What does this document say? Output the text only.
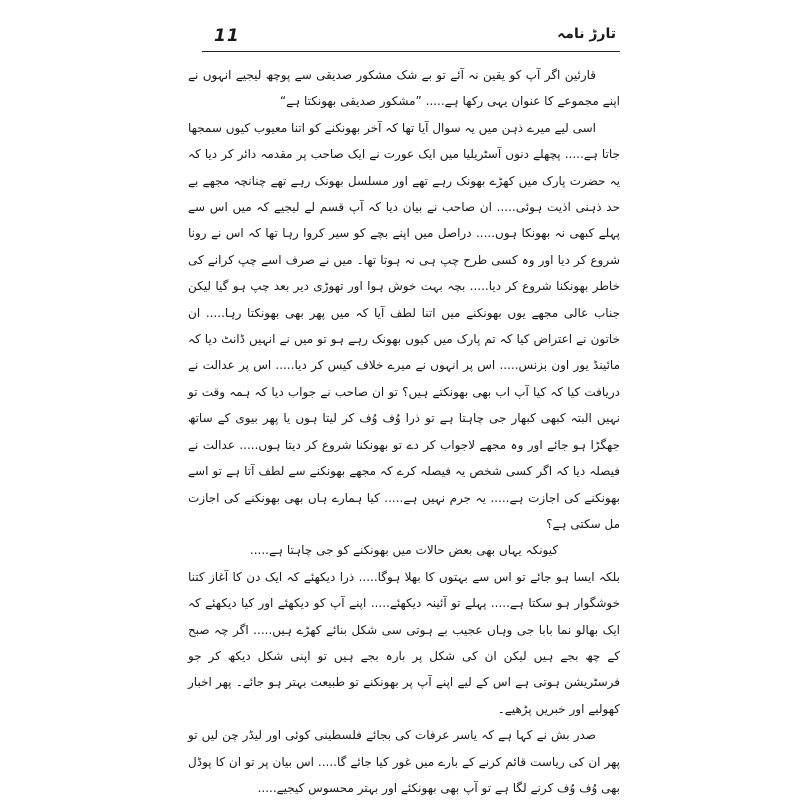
11	تارڑ نامہ

قارئین اگر آپ کو یقین نہ آئے تو بے شک مشکور صدیقی سے پوچھ لیجیے انہوں نے اپنے مجموعے کا عنوان یہی رکھا ہے..... ”مشکور صدیقی بھونکتا ہے“

اسی لیے میرے ذہن میں یہ سوال آیا تھا کہ آخر بھونکنے کو اتنا معیوب کیوں سمجھا جاتا ہے..... پچھلے دنوں آسٹریلیا میں ایک عورت نے ایک صاحب پر مقدمہ دائر کر دیا کہ یہ حضرت پارک میں کھڑے بھونک رہے تھے اور مسلسل بھونک رہے تھے چنانچہ مجھے بے حد ذہنی اذیت ہوئی..... ان صاحب نے بیان دیا کہ آپ قسم لے لیجیے کہ میں اس سے پہلے کبھی نہ بھونکا ہوں..... دراصل میں اپنے بچے کو سیر کروا رہا تھا کہ اس نے رونا شروع کر دیا اور وہ کسی طرح چپ ہی نہ ہوتا تھا۔ میں نے صرف اسے چپ کرانے کی خاطر بھونکنا شروع کر دیا..... بچہ بہت خوش ہوا اور تھوڑی دیر بعد چپ ہو گیا لیکن جناب عالی مجھے یوں بھونکنے میں اتنا لطف آیا کہ میں پھر بھی بھونکتا رہا..... ان خاتون نے اعتراض کیا کہ تم پارک میں کیوں بھونک رہے ہو تو میں نے انہیں ڈانٹ دیا کہ مائینڈ یور اون بزنس..... اس پر انہوں نے میرے خلاف کیس کر دیا..... اس پر عدالت نے دریافت کیا کہ کیا آپ اب بھی بھونکتے ہیں؟ تو ان صاحب نے جواب دیا کہ ہمہ وقت تو نہیں البتہ کبھی کبھار جی چاہتا ہے تو ذرا وُف وُف کر لیتا ہوں یا پھر بیوی کے ساتھ جھگڑا ہو جائے اور وہ مجھے لاجواب کر دے تو بھونکنا شروع کر دیتا ہوں..... عدالت نے فیصلہ دیا کہ اگر کسی شخص یہ فیصلہ کرے کہ مجھے بھونکنے سے لطف آتا ہے تو اسے بھونکنے کی اجازت ہے..... یہ جرم نہیں ہے..... کیا ہمارے ہاں بھی بھونکنے کی اجازت مل سکتی ہے؟

کیونکہ یہاں بھی بعض حالات میں بھونکنے کو جی چاہتا ہے.....

بلکہ ایسا ہو جائے تو اس سے بہتوں کا بھلا ہوگا..... ذرا دیکھئے کہ ایک دن کا آغاز کتنا خوشگوار ہو سکتا ہے..... پہلے تو آئینہ دیکھئے..... اپنے آپ کو دیکھئے اور کیا دیکھئے کہ ایک بھالو نما بابا جی وہاں عجیب بے ہوتی سی شکل بنائے کھڑے ہیں..... اگر چہ صبح کے چھ بجے ہیں لیکن ان کی شکل پر بارہ بجے ہیں تو اپنی شکل دیکھ کر جو فرسٹریشن ہوتی ہے اس کے لیے اپنے آپ پر بھونکنے تو طبیعت بہتر ہو جائے۔ پھر اخبار کھولیے اور خبریں پڑھیے۔

صدر بش نے کہا ہے کہ یاسر عرفات کی بجائے فلسطینی کوئی اور لیڈر چن لیں تو پھر ان کی ریاست قائم کرنے کے بارے میں غور کیا جائے گا..... اس بیان پر تو ان کا پوڈل بھی وُف وُف کرنے لگا ہے تو آپ بھی بھونکئے اور بہتر محسوس کیجیے.....
